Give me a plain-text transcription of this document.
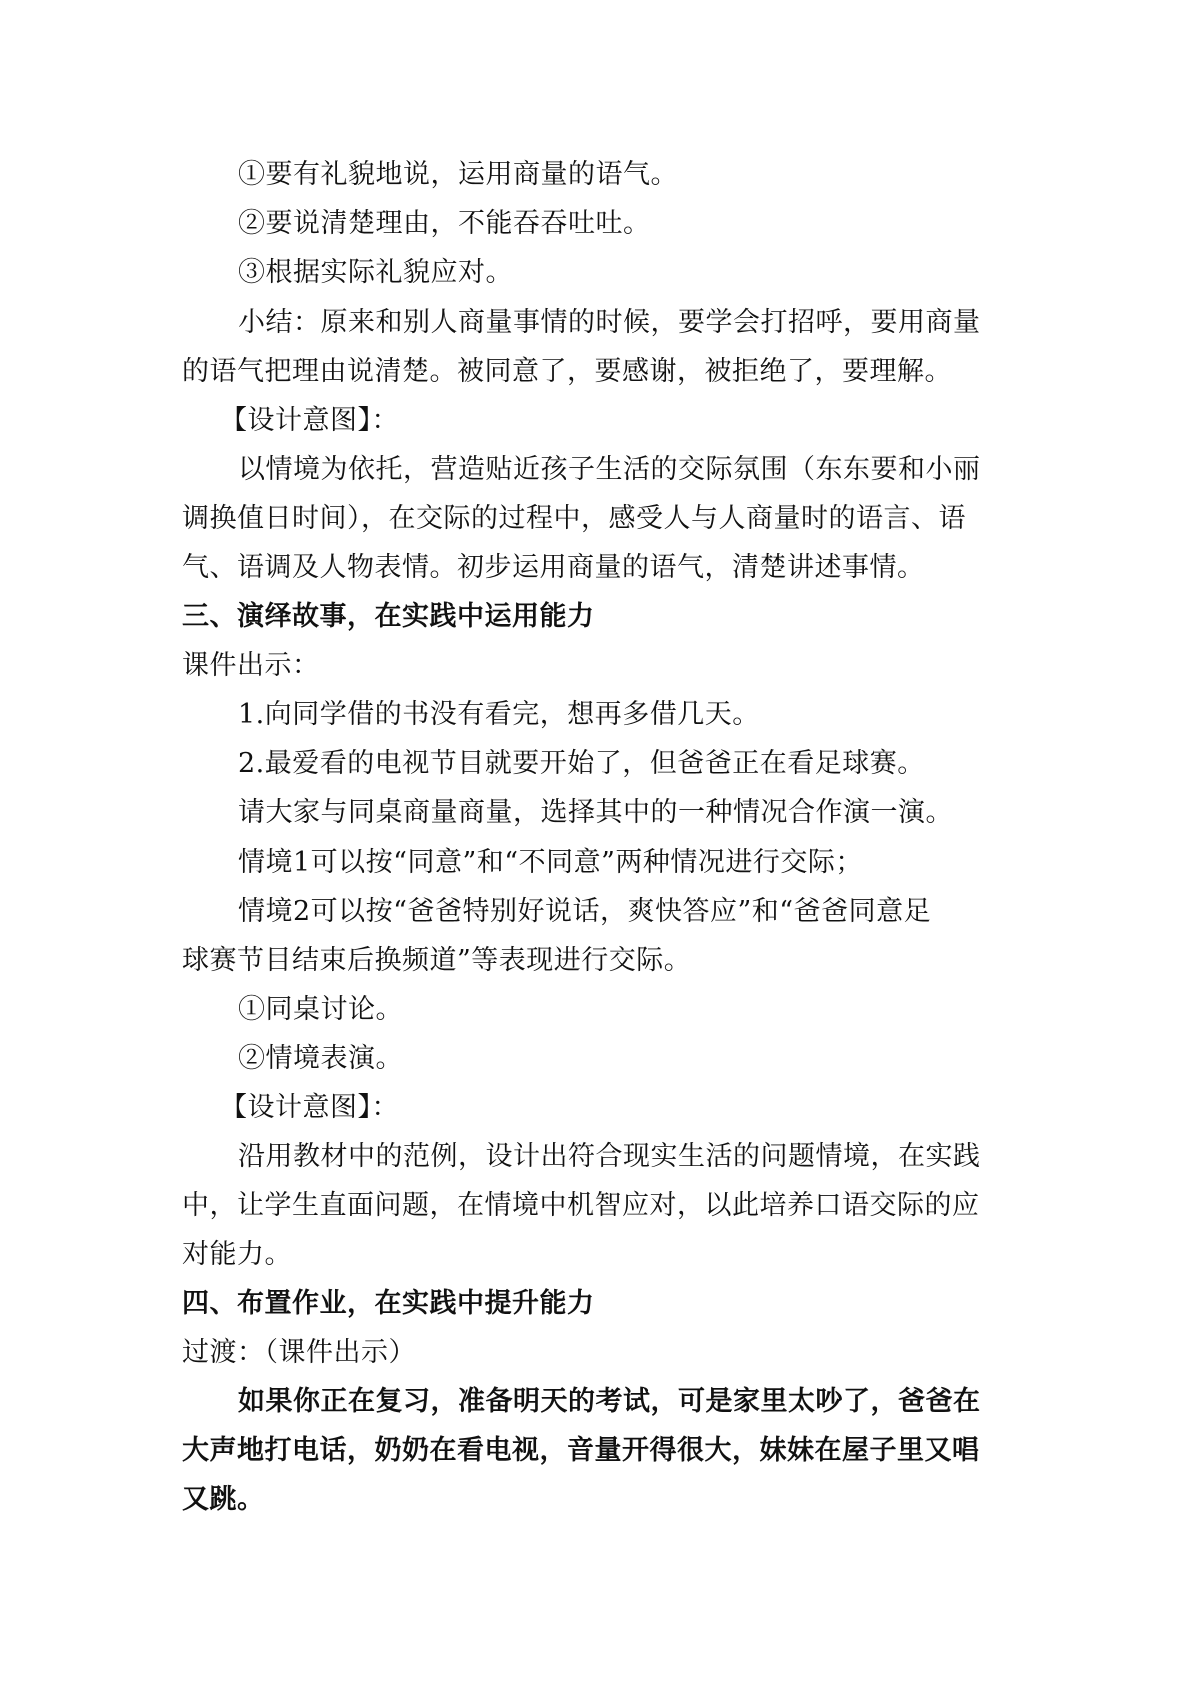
①要有礼貌地说，运用商量的语气。
②要说清楚理由，不能吞吞吐吐。
③根据实际礼貌应对。
小结：原来和别人商量事情的时候，要学会打招呼，要用商量
的语气把理由说清楚。被同意了，要感谢，被拒绝了，要理解。
【设计意图】：
以情境为依托，营造贴近孩子生活的交际氛围（东东要和小丽
调换值日时间），在交际的过程中，感受人与人商量时的语言、语
气、语调及人物表情。初步运用商量的语气，清楚讲述事情。
三、演绎故事，在实践中运用能力
课件出示：
1.向同学借的书没有看完，想再多借几天。
2.最爱看的电视节目就要开始了，但爸爸正在看足球赛。
请大家与同桌商量商量，选择其中的一种情况合作演一演。
情境1可以按“同意”和“不同意”两种情况进行交际；
情境2可以按“爸爸特别好说话，爽快答应”和“爸爸同意足
球赛节目结束后换频道”等表现进行交际。
①同桌讨论。
②情境表演。
【设计意图】：
沿用教材中的范例，设计出符合现实生活的问题情境，在实践
中，让学生直面问题，在情境中机智应对，以此培养口语交际的应
对能力。
四、布置作业，在实践中提升能力
过渡：（课件出示）
如果你正在复习，准备明天的考试，可是家里太吵了，爸爸在
大声地打电话，奶奶在看电视，音量开得很大，妹妹在屋子里又唱
又跳。
